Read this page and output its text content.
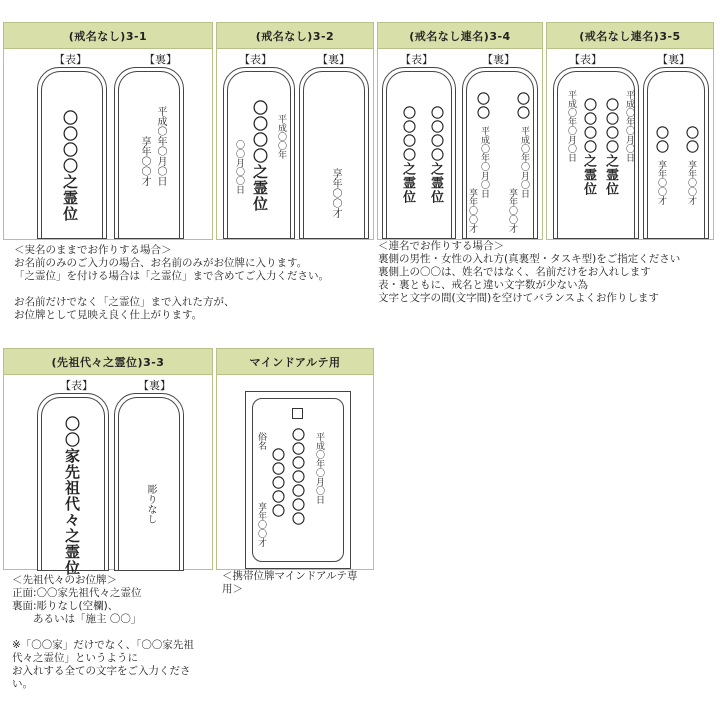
(戒名なし)3-1
【表】	【裏】
〇〇〇〇之霊位	平成〇年〇月〇日
享年〇〇才
(戒名なし)3-2
【表】	【裏】
〇〇〇〇之霊位 平成〇〇年
〇〇月〇〇日	享年〇〇才
(戒名なし連名)3-4
【表】	【裏】
〇〇〇〇之霊位
〇〇〇〇之霊位	〇〇
平成〇年〇月〇日
享年〇〇才
〇〇
平成〇年〇月〇日
享年〇〇才
(戒名なし連名)3-5
【表】	【裏】
平成〇年〇月〇日
〇〇〇〇之霊位
〇〇〇〇之霊位
平成〇年〇月〇日	〇〇
享年〇〇才
〇〇
享年〇〇才
＜実名のままでお作りする場合＞
お名前のみのご入力の場合、お名前のみがお位牌に入ります。
「之霊位」を付ける場合は「之霊位」まで含めてご入力ください。

お名前だけでなく「之霊位」まで入れた方が、
お位牌として見映え良く仕上がります。
＜連名でお作りする場合＞
裏側の男性・女性の入れ方(真裏型・タスキ型)をご指定ください
裏側上の〇〇は、姓名ではなく、名前だけをお入れします
表・裏ともに、戒名と違い文字数が少ない為
文字と文字の間(文字間)を空けてバランスよくお作りします
(先祖代々之霊位)3-3
【表】	【裏】
〇〇家先祖代々之霊位	彫りなし
マインドアルテ用
平成〇年〇月〇日
〇〇〇〇〇〇〇
〇〇〇〇〇
俗名
享年〇〇才
＜先祖代々のお位牌＞
正面:〇〇家先祖代々之霊位
裏面:彫りなし(空欄)、
　　あるいは「施主 〇〇」

※「〇〇家」だけでなく、「〇〇家先祖
代々之霊位」というように
お入れする全ての文字をご入力くださ
い。
＜携帯位牌マインドアルテ専
用＞
